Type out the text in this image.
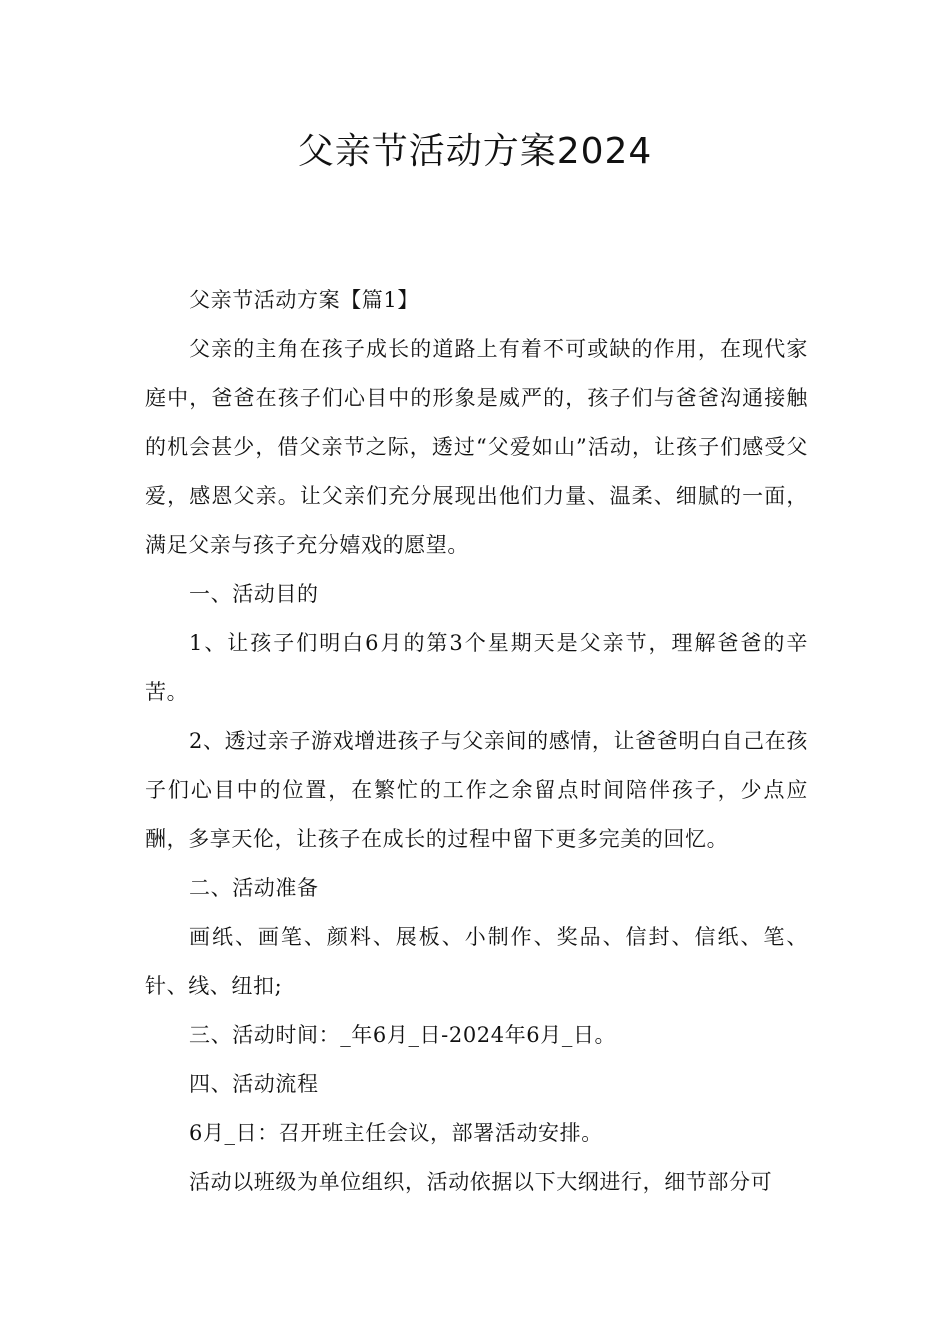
父亲节活动方案2024

父亲节活动方案【篇1】

父亲的主角在孩子成长的道路上有着不可或缺的作用，在现代家庭中，爸爸在孩子们心目中的形象是威严的，孩子们与爸爸沟通接触的机会甚少，借父亲节之际，透过“父爱如山”活动，让孩子们感受父爱，感恩父亲。让父亲们充分展现出他们力量、温柔、细腻的一面，满足父亲与孩子充分嬉戏的愿望。

一、活动目的

1、让孩子们明白6月的第3个星期天是父亲节，理解爸爸的辛苦。

2、透过亲子游戏增进孩子与父亲间的感情，让爸爸明白自己在孩子们心目中的位置，在繁忙的工作之余留点时间陪伴孩子，少点应酬，多享天伦，让孩子在成长的过程中留下更多完美的回忆。

二、活动准备

画纸、画笔、颜料、展板、小制作、奖品、信封、信纸、笔、针、线、纽扣;

三、活动时间：_年6月_日-2024年6月_日。

四、活动流程

6月_日：召开班主任会议，部署活动安排。

活动以班级为单位组织，活动依据以下大纲进行，细节部分可
